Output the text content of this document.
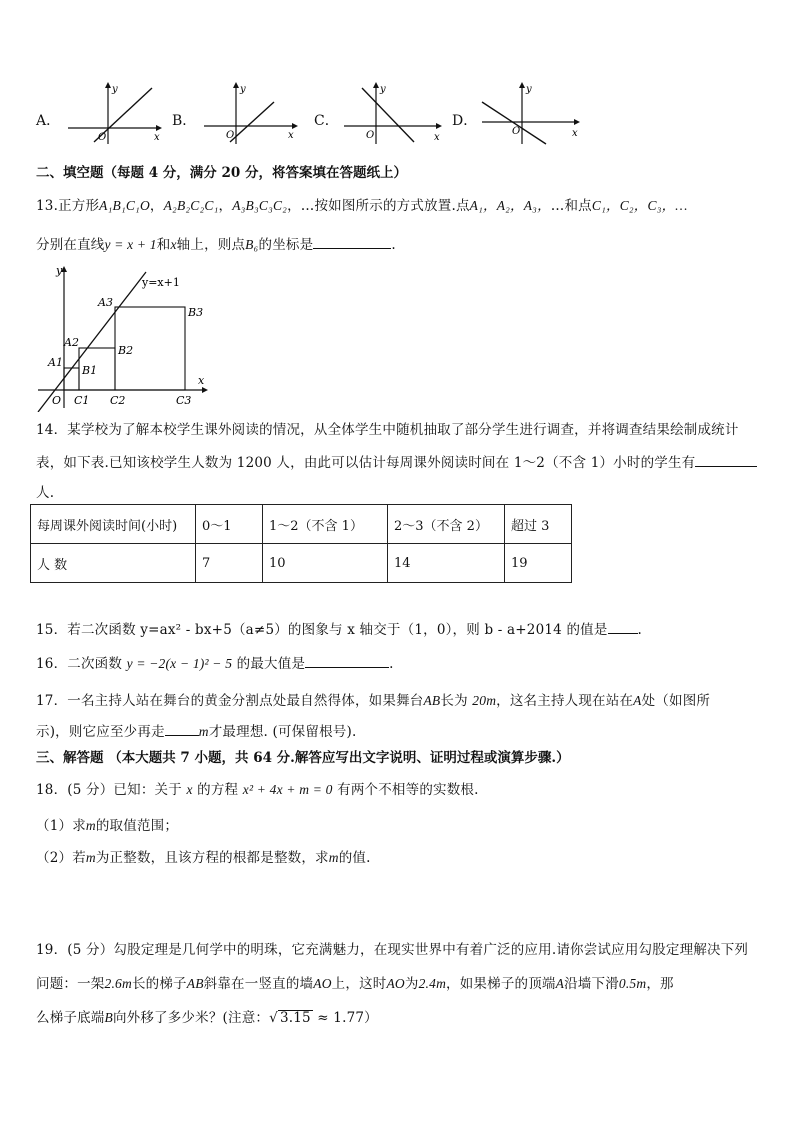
A．
y
x
O
B．
y
x
O
C．
y
x
O
D．
y
x
O
二、填空题（每题 4 分，满分 20 分，将答案填在答题纸上）
13.正方形A₁B₁C₁O，A₂B₂C₂C₁，A₃B₃C₃C₂，…按如图所示的方式放置.点A₁，A₂，A₃，…和点C₁，C₂，C₃，…
分别在直线y = x + 1和x轴上，则点B₆的坐标是	.
y
x
O
y=x+1
A1
A2
A3
B1
B2
B3
C1 C2	C3
14．某学校为了解本校学生课外阅读的情况，从全体学生中随机抽取了部分学生进行调查，并将调查结果绘制成统计
表，如下表.已知该校学生人数为 1200 人，由此可以估计每周课外阅读时间在 1～2（不含 1）小时的学生有
人.
每周课外阅读时间(小时)	0～1	1～2（不含 1）	2～3（不含 2）	超过 3
人 数	7	10	14	19
15．若二次函数 y=ax² - bx+5（a≠5）的图象与 x 轴交于（1，0），则 b - a+2014 的值是 .
16．二次函数 y = −2(x − 1)² − 5 的最大值是	.
17．一名主持人站在舞台的黄金分割点处最自然得体，如果舞台AB长为 20m，这名主持人现在站在A处（如图所
示)，则它应至少再走	m才最理想. (可保留根号).
三、解答题 （本大题共 7 小题，共 64 分.解答应写出文字说明、证明过程或演算步骤.）
18．(5 分）已知：关于 x 的方程 x² + 4x + m = 0 有两个不相等的实数根.
（1）求m的取值范围；
（2）若m为正整数，且该方程的根都是整数，求m的值.
19．(5 分）勾股定理是几何学中的明珠，它充满魅力，在现实世界中有着广泛的应用.请你尝试应用勾股定理解决下列
问题：一架2.6m长的梯子AB斜靠在一竖直的墙AO上，这时AO为2.4m，如果梯子的顶端A沿墙下滑0.5m，那
么梯子底端B向外移了多少米？(注意：√ 3.15 ≈ 1.77）
